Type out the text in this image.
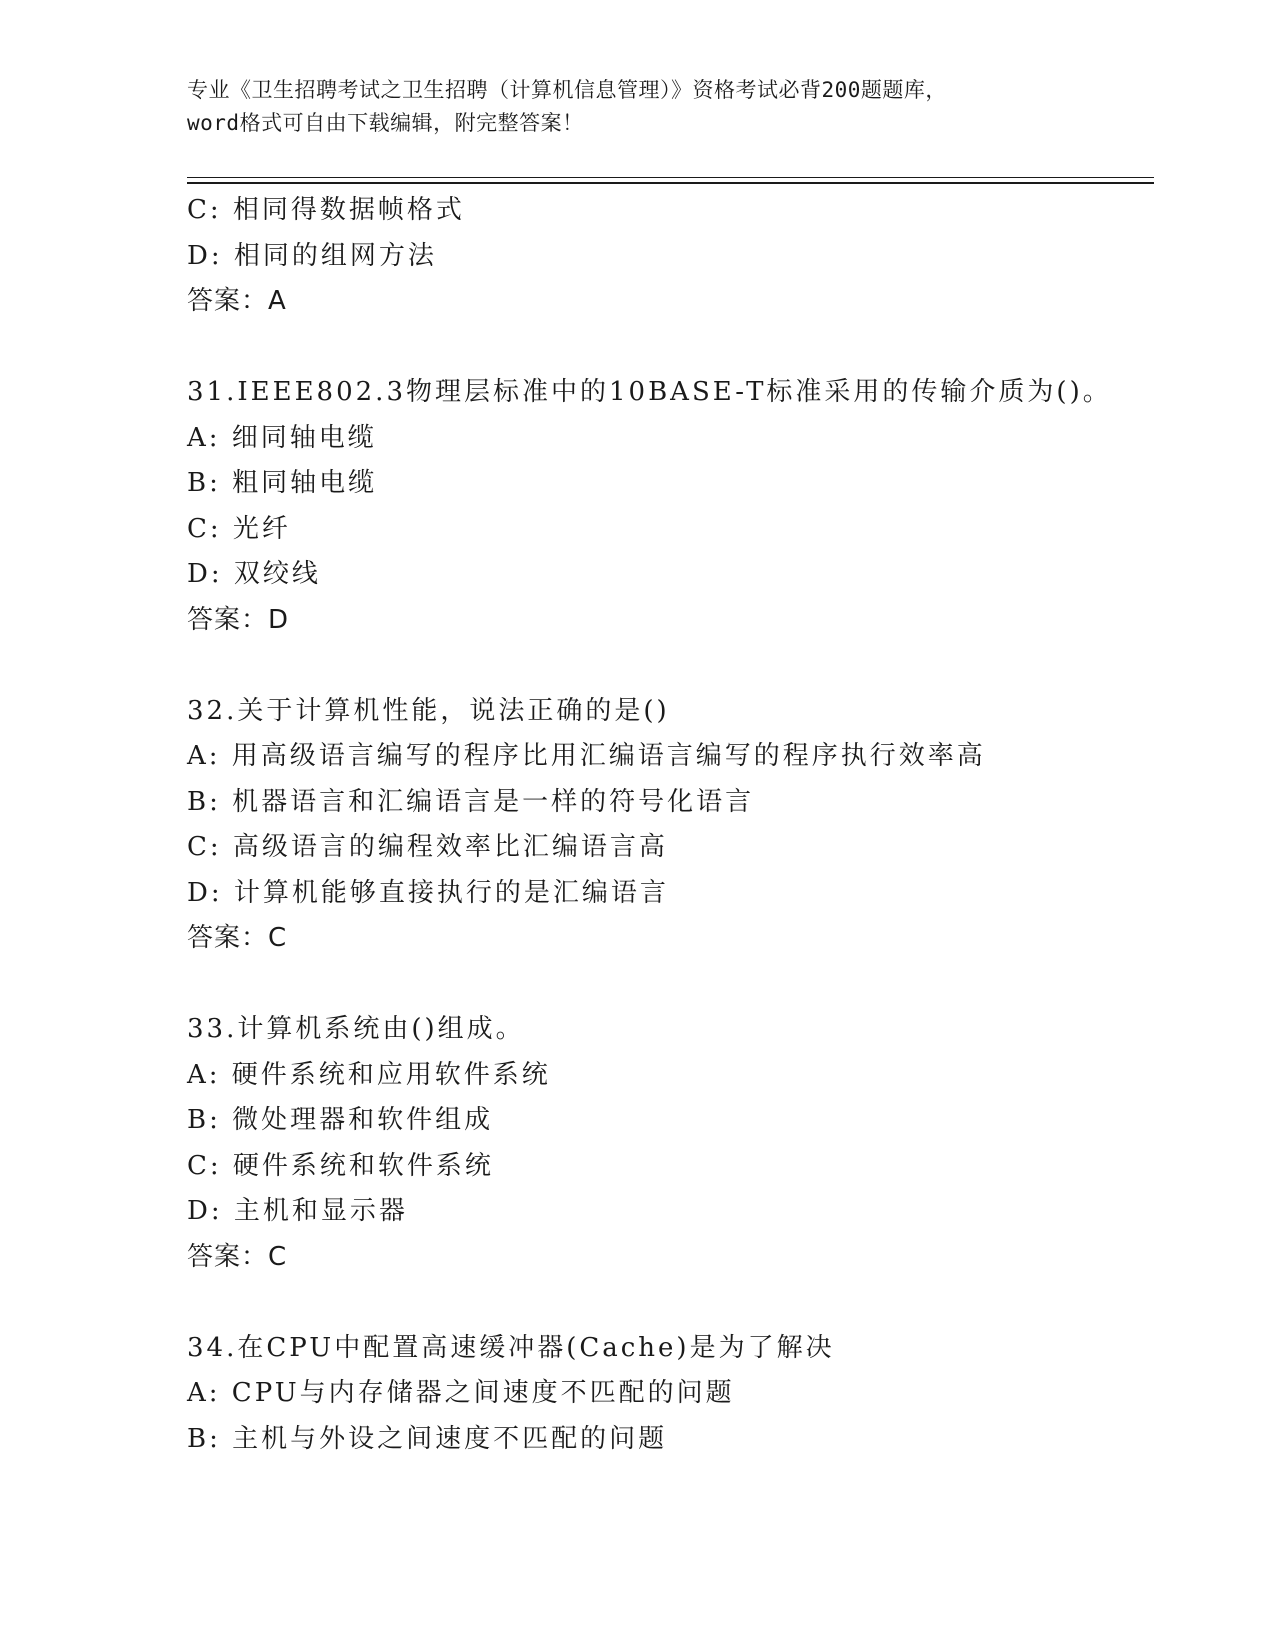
专业《卫生招聘考试之卫生招聘（计算机信息管理）》资格考试必背200题题库，
word格式可自由下载编辑，附完整答案！
C: 相同得数据帧格式
D: 相同的组网方法
答案：A
31.IEEE802.3物理层标准中的10BASE-T标准采用的传输介质为()。
A: 细同轴电缆
B: 粗同轴电缆
C: 光纤
D: 双绞线
答案：D
32.关于计算机性能，说法正确的是()
A: 用高级语言编写的程序比用汇编语言编写的程序执行效率高
B: 机器语言和汇编语言是一样的符号化语言
C: 高级语言的编程效率比汇编语言高
D: 计算机能够直接执行的是汇编语言
答案：C
33.计算机系统由()组成。
A: 硬件系统和应用软件系统
B: 微处理器和软件组成
C: 硬件系统和软件系统
D: 主机和显示器
答案：C
34.在CPU中配置高速缓冲器(Cache)是为了解决
A: CPU与内存储器之间速度不匹配的问题
B: 主机与外设之间速度不匹配的问题
